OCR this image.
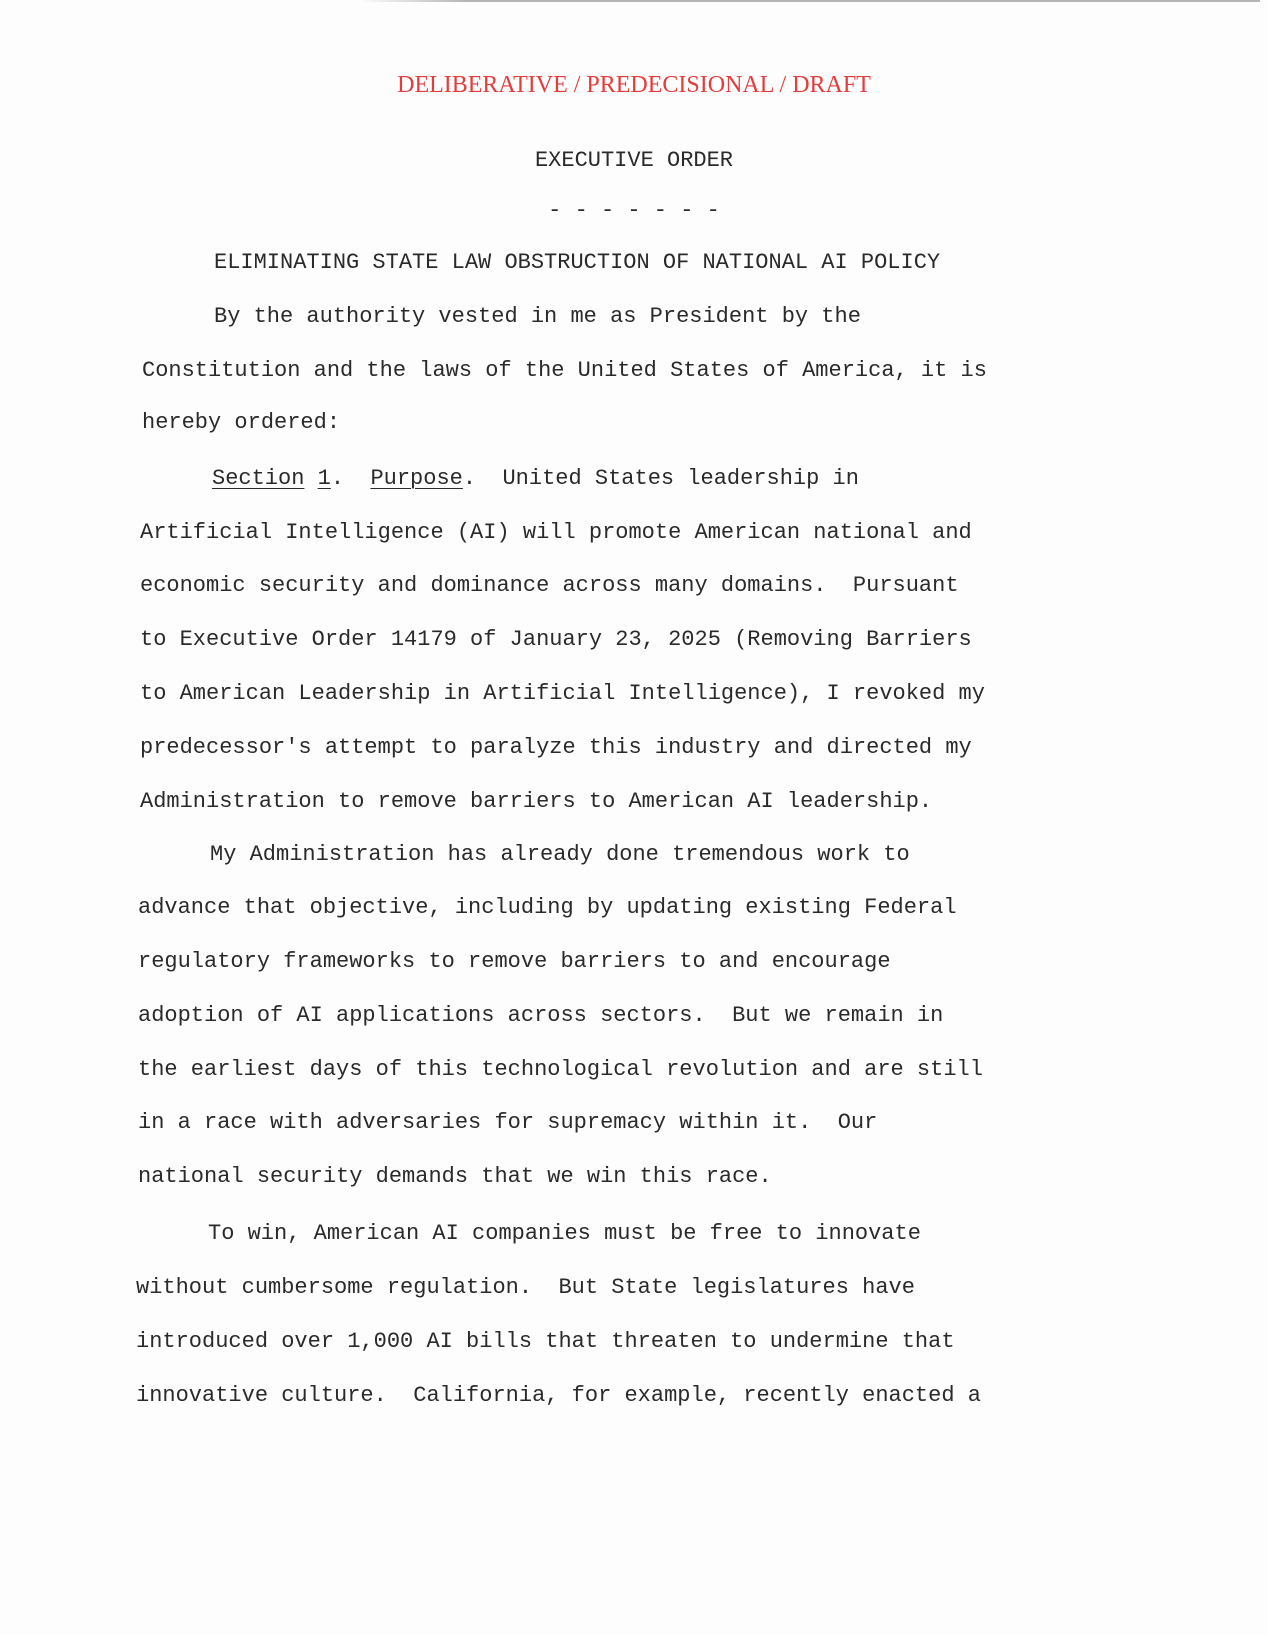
DELIBERATIVE / PREDECISIONAL / DRAFT
EXECUTIVE ORDER
- - - - - - -
ELIMINATING STATE LAW OBSTRUCTION OF NATIONAL AI POLICY
By the authority vested in me as President by the
Constitution and the laws of the United States of America, it is
hereby ordered:
Section 1.  Purpose.  United States leadership in
Artificial Intelligence (AI) will promote American national and
economic security and dominance across many domains.  Pursuant
to Executive Order 14179 of January 23, 2025 (Removing Barriers
to American Leadership in Artificial Intelligence), I revoked my
predecessor's attempt to paralyze this industry and directed my
Administration to remove barriers to American AI leadership.
My Administration has already done tremendous work to
advance that objective, including by updating existing Federal
regulatory frameworks to remove barriers to and encourage
adoption of AI applications across sectors.  But we remain in
the earliest days of this technological revolution and are still
in a race with adversaries for supremacy within it.  Our
national security demands that we win this race.
To win, American AI companies must be free to innovate
without cumbersome regulation.  But State legislatures have
introduced over 1,000 AI bills that threaten to undermine that
innovative culture.  California, for example, recently enacted a
